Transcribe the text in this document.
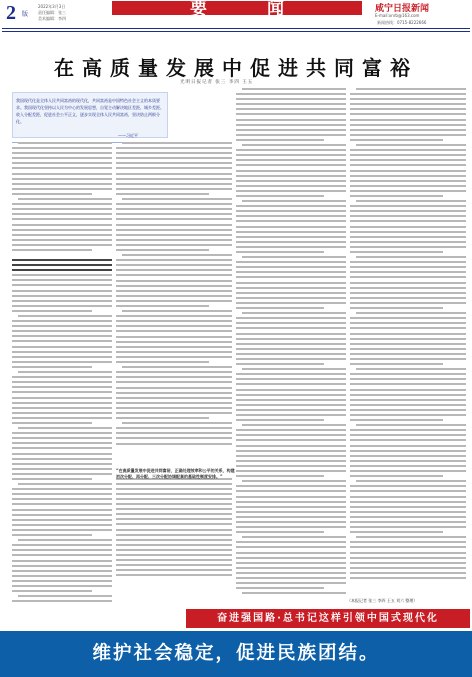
2 版
2022年3月3日
责任编辑：张三
美术编辑：李四
要闻	咸宁日报新闻
E-mail:xnrb@163.com
新闻热线：0715-8222666
在高质量发展中促进共同富裕
光明日报记者 张三 李四 王五
我国现代化是全体人民共同富裕的现代化，共同富裕是中国特色社会主义的本质要求。我国现代化坚持以人民为中心的发展思想，自觉主动解决地区差距、城乡差距、收入分配差距，促进社会公平正义，逐步实现全体人民共同富裕，坚决防止两极分化。
——习近平
“在高质量发展中促进共同富裕，正确处理效率和公平的关系，构建初次分配、再分配、三次分配协调配套的基础性制度安排。”
（本报记者 张三 李四 王五 刘六 整理）
奋进强国路·总书记这样引领中国式现代化
维护社会稳定，促进民族团结。
